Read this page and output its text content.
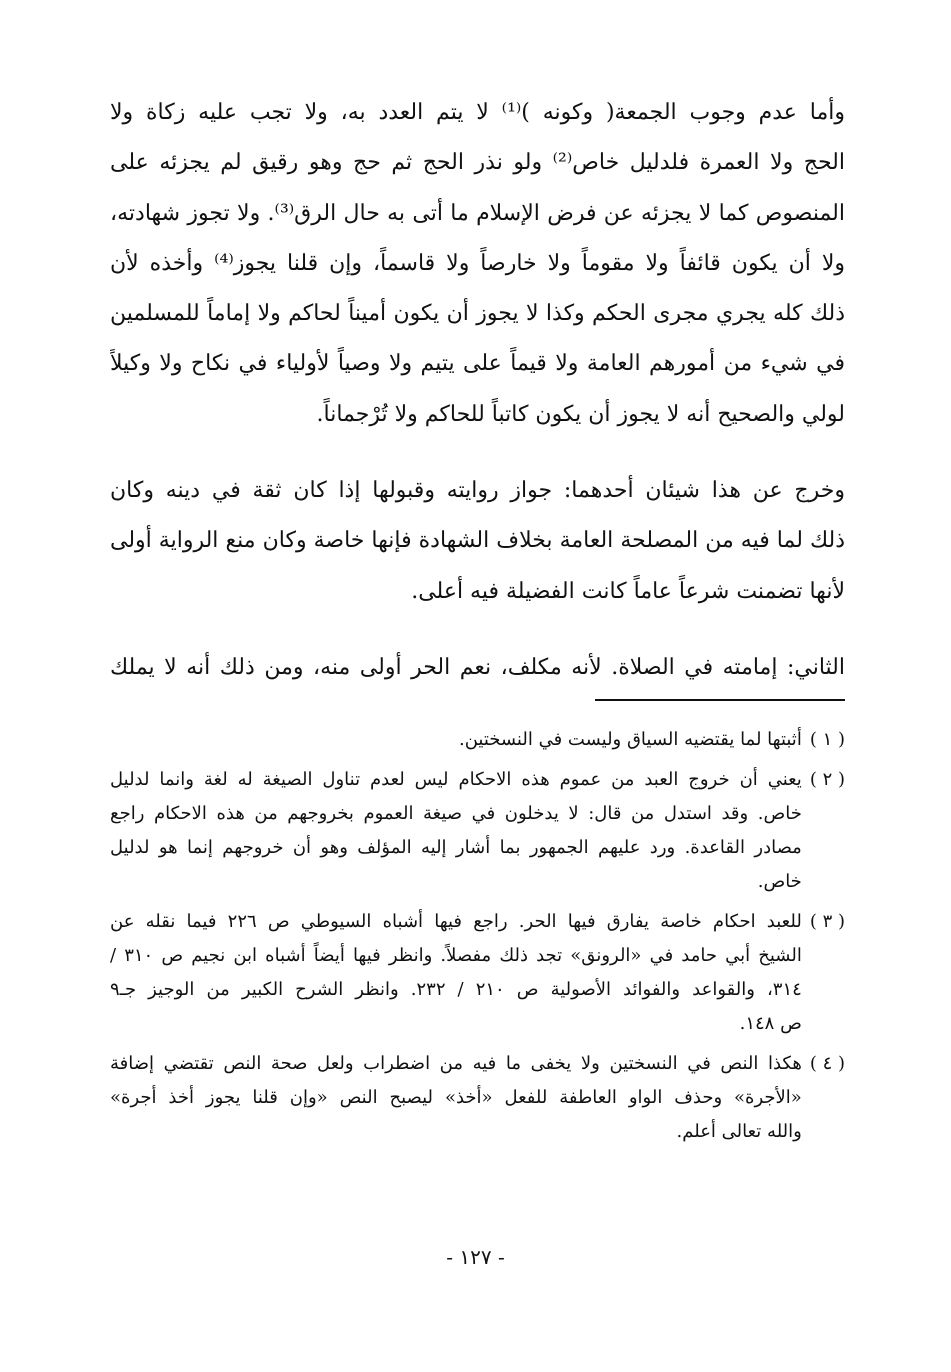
وأما عدم وجوب الجمعة( وكونه )⁽¹⁾ لا يتم العدد به، ولا تجب عليه زكاة ولا
الحج ولا العمرة فلدليل خاص⁽²⁾ ولو نذر الحج ثم حج وهو رقيق لم يجزئه على
المنصوص كما لا يجزئه عن فرض الإسلام ما أتى به حال الرق⁽³⁾. ولا تجوز شهادته،
ولا أن يكون قائفاً ولا مقوماً ولا خارصاً ولا قاسماً، وإن قلنا يجوز⁽⁴⁾ وأخذه لأن
ذلك كله يجري مجرى الحكم وكذا لا يجوز أن يكون أميناً لحاكم ولا إماماً للمسلمين
في شيء من أمورهم العامة ولا قيماً على يتيم ولا وصياً لأولياء في نكاح ولا وكيلاً
لولي والصحيح أنه لا يجوز أن يكون كاتباً للحاكم ولا تُرْجماناً.

وخرج عن هذا شيئان أحدهما: جواز روايته وقبولها إذا كان ثقة في دينه وكان
ذلك لما فيه من المصلحة العامة بخلاف الشهادة فإنها خاصة وكان منع الرواية أولى
لأنها تضمنت شرعاً عاماً كانت الفضيلة فيه أعلى.

الثاني: إمامته في الصلاة. لأنه مكلف، نعم الحر أولى منه، ومن ذلك أنه لا يملك

( ١ )
أثبتها لما يقتضيه السياق وليست في النسختين.
( ٢ )
يعني أن خروج العبد من عموم هذه الاحكام ليس لعدم تناول الصيغة له لغة وانما لدليل
خاص. وقد استدل من قال: لا يدخلون في صيغة العموم بخروجهم من هذه الاحكام راجع
مصادر القاعدة. ورد عليهم الجمهور بما أشار إليه المؤلف وهو أن خروجهم إنما هو لدليل
خاص.
( ٣ )
للعبد احكام خاصة يفارق فيها الحر. راجع فيها أشباه السيوطي ص ٢٢٦ فيما نقله عن
الشيخ أبي حامد في «الرونق» تجد ذلك مفصلاً. وانظر فيها أيضاً أشباه ابن نجيم ص ٣١٠ /
٣١٤، والقواعد والفوائد الأصولية ص ٢١٠ / ٢٣٢. وانظر الشرح الكبير من الوجيز جـ٩
ص ١٤٨.
( ٤ )
هكذا النص في النسختين ولا يخفى ما فيه من اضطراب ولعل صحة النص تقتضي إضافة
«الأجرة» وحذف الواو العاطفة للفعل «أخذ» ليصبح النص «وإن قلنا يجوز أخذ أجرة»
والله تعالى أعلم.
- ١٢٧ -
